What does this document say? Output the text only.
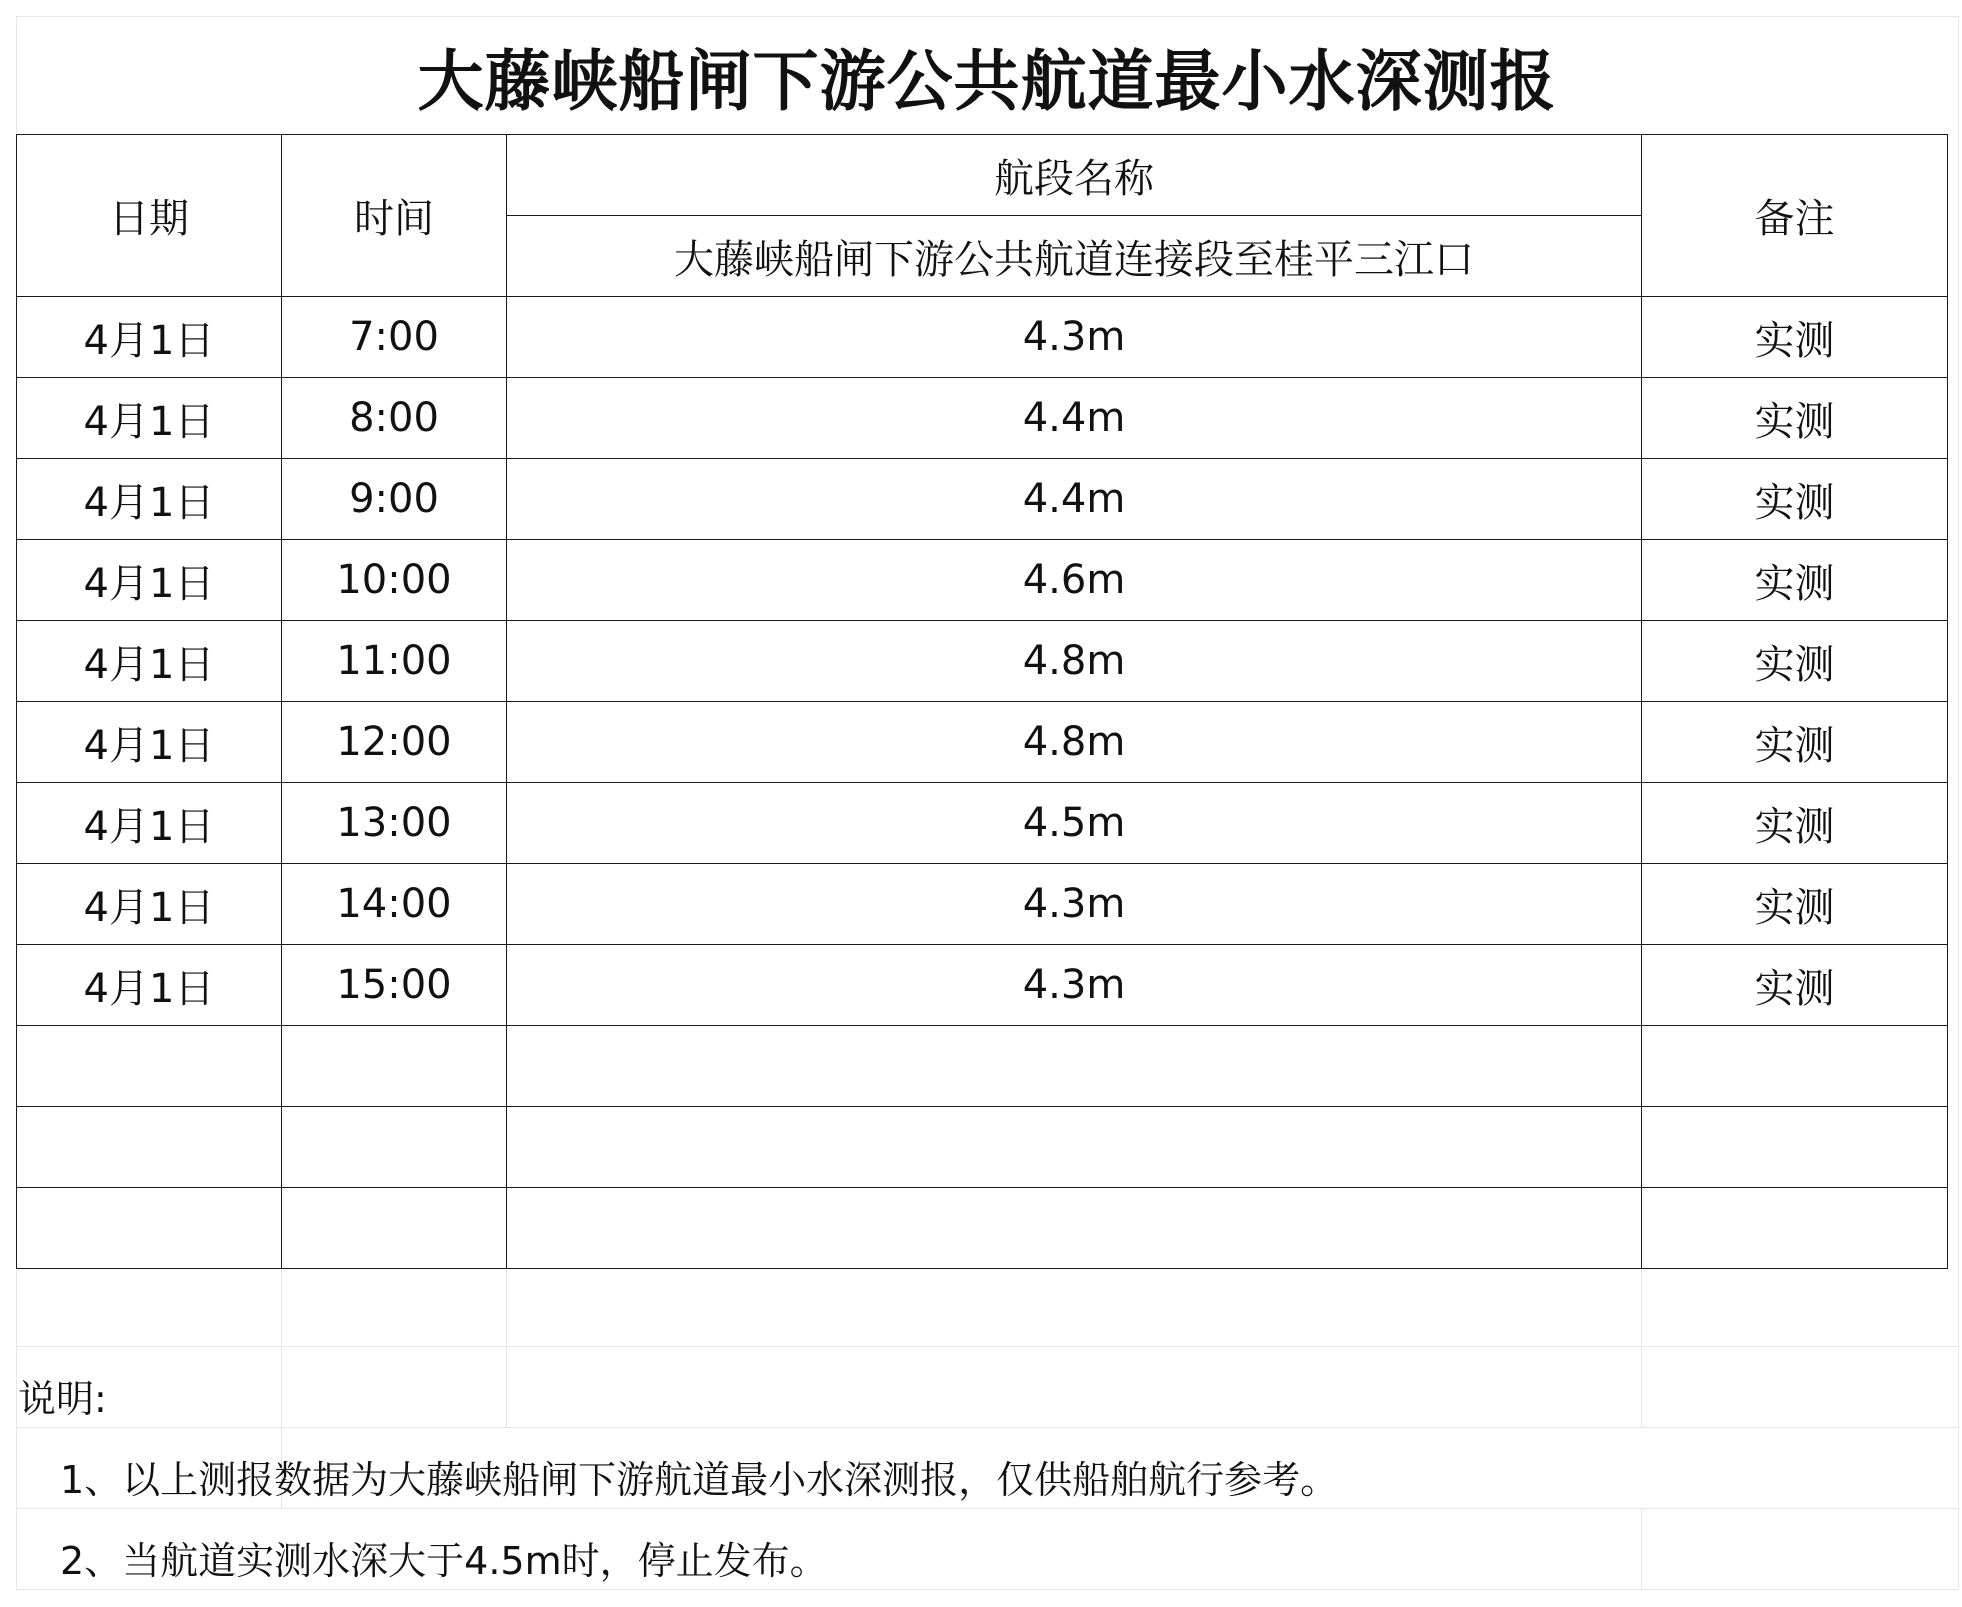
大藤峡船闸下游公共航道最小水深测报
日期	时间	航段名称	备注
		大藤峡船闸下游公共航道连接段至桂平三江口	
4月1日	7:00	4.3m	实测
4月1日	8:00	4.4m	实测
4月1日	9:00	4.4m	实测
4月1日	10:00	4.6m	实测
4月1日	11:00	4.8m	实测
4月1日	12:00	4.8m	实测
4月1日	13:00	4.5m	实测
4月1日	14:00	4.3m	实测
4月1日	15:00	4.3m	实测

说明:
1、以上测报数据为大藤峡船闸下游航道最小水深测报，仅供船舶航行参考。
2、当航道实测水深大于4.5m时，停止发布。
